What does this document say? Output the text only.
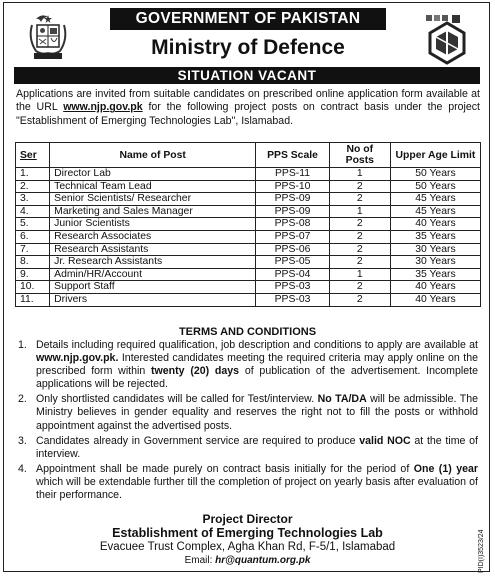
GOVERNMENT OF PAKISTAN
Ministry of Defence
SITUATION VACANT

Applications are invited from suitable candidates on prescribed online application form available at the URL www.njp.gov.pk for the following project posts on contract basis under the project "Establishment of Emerging Technologies Lab", Islamabad.

Ser	Name of Post	PPS Scale	No of Posts	Upper Age Limit
1.	Director Lab	PPS-11	1	50 Years
2.	Technical Team Lead	PPS-10	2	50 Years
3.	Senior Scientists/ Researcher	PPS-09	2	45 Years
4.	Marketing and Sales Manager	PPS-09	1	45 Years
5.	Junior Scientists	PPS-08	2	40 Years
6.	Research Associates	PPS-07	2	35 Years
7.	Research Assistants	PPS-06	2	30 Years
8.	Jr. Research Assistants	PPS-05	2	30 Years
9.	Admin/HR/Account	PPS-04	1	35 Years
10.	Support Staff	PPS-03	2	40 Years
11.	Drivers	PPS-03	2	40 Years
TERMS AND CONDITIONS
1. Details including required qualification, job description and conditions to apply are available at www.njp.gov.pk. Interested candidates meeting the required criteria may apply online on the prescribed form within twenty (20) days of publication of the advertisement. Incomplete applications will be rejected.
2. Only shortlisted candidates will be called for Test/interview. No TA/DA will be admissible. The Ministry believes in gender equality and reserves the right not to fill the posts or withhold appointment against the advertised posts.
3. Candidates already in Government service are required to produce valid NOC at the time of interview.
4. Appointment shall be made purely on contract basis initially for the period of One (1) year which will be extendable further till the completion of project on yearly basis after evaluation of their performance.
Project Director
Establishment of Emerging Technologies Lab
Evacuee Trust Complex, Agha Khan Rd, F-5/1, Islamabad
Email: hr@quantum.org.pk	PID(I)3523/24
